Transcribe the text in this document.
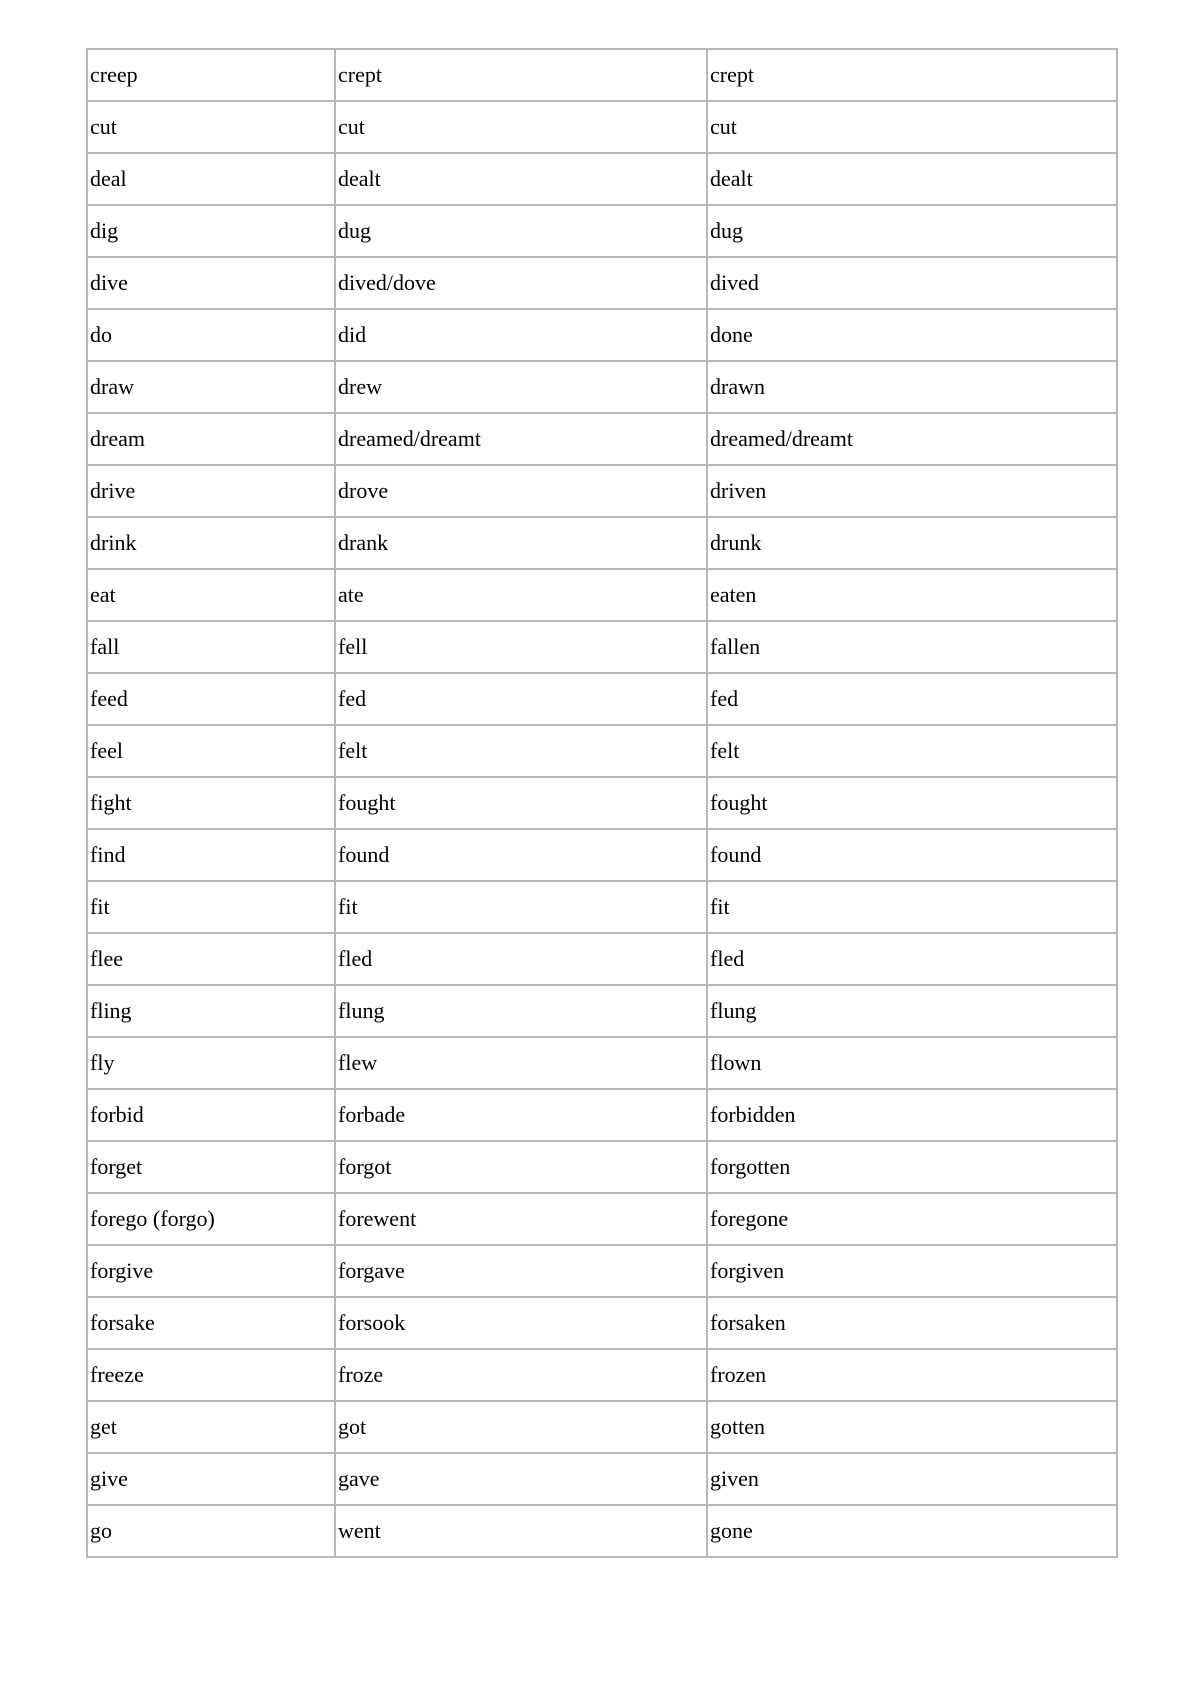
creep	crept	crept
cut	cut	cut
deal	dealt	dealt
dig	dug	dug
dive	dived/dove	dived
do	did	done
draw	drew	drawn
dream	dreamed/dreamt	dreamed/dreamt
drive	drove	driven
drink	drank	drunk
eat	ate	eaten
fall	fell	fallen
feed	fed	fed
feel	felt	felt
fight	fought	fought
find	found	found
fit	fit	fit
flee	fled	fled
fling	flung	flung
fly	flew	flown
forbid	forbade	forbidden
forget	forgot	forgotten
forego (forgo)	forewent	foregone
forgive	forgave	forgiven
forsake	forsook	forsaken
freeze	froze	frozen
get	got	gotten
give	gave	given
go	went	gone
